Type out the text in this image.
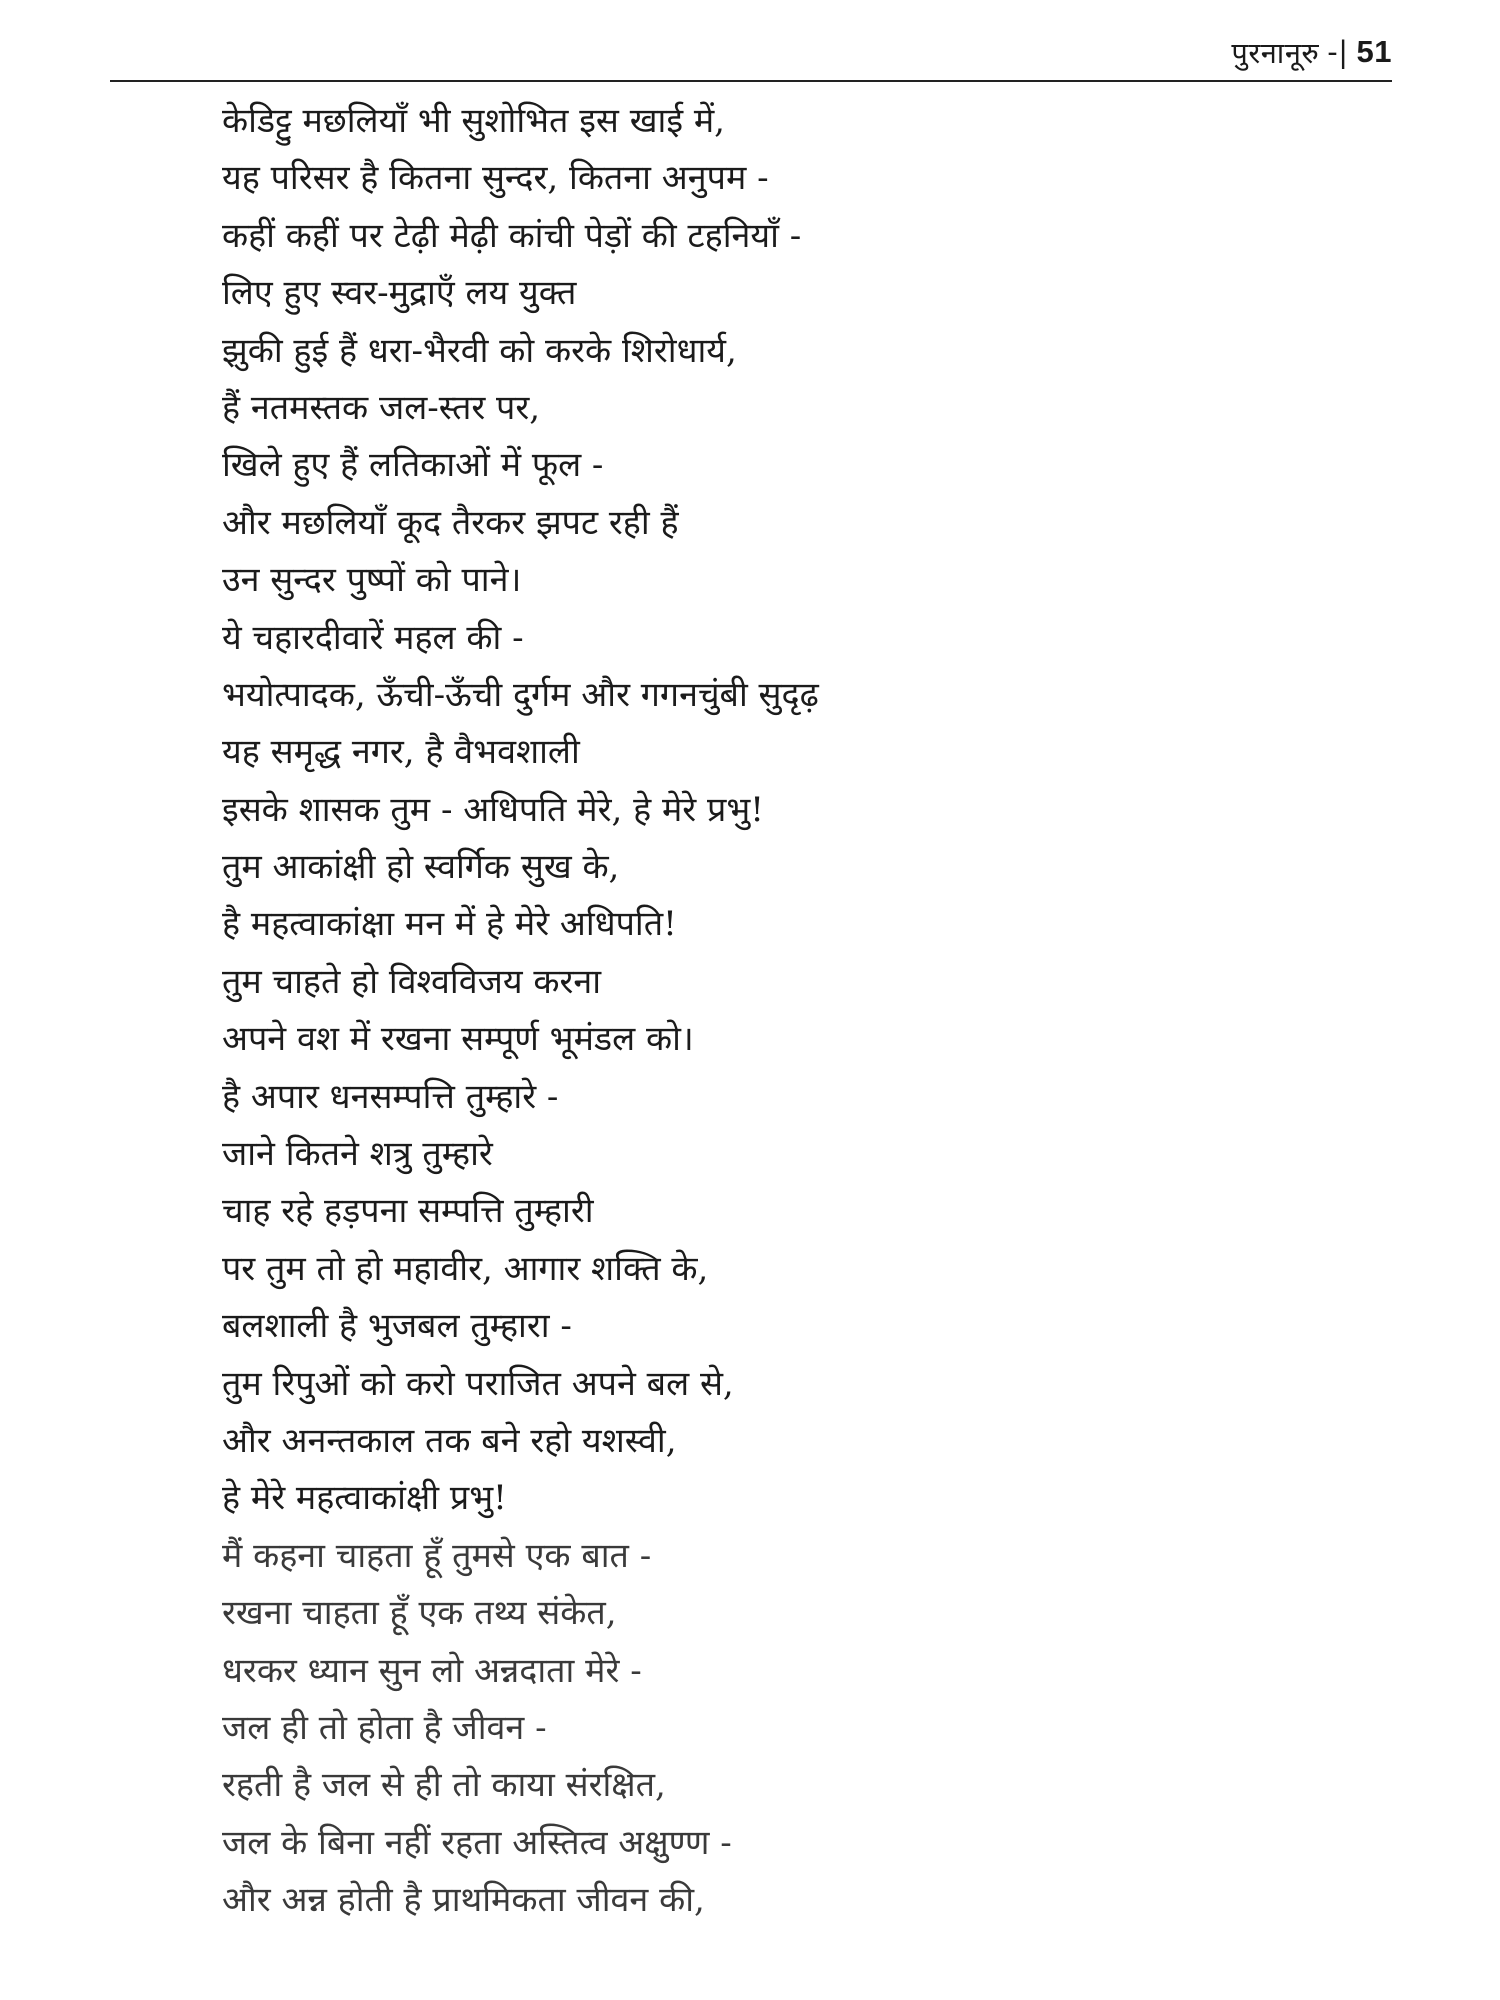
पुरनानूरु -| 51
केडिट्टु मछलियाँ भी सुशोभित इस खाई में,
यह परिसर है कितना सुन्दर, कितना अनुपम -
कहीं कहीं पर टेढ़ी मेढ़ी कांची पेड़ों की टहनियाँ -
लिए हुए स्वर-मुद्राएँ लय युक्त
झुकी हुई हैं धरा-भैरवी को करके शिरोधार्य,
हैं नतमस्तक जल-स्तर पर,
खिले हुए हैं लतिकाओं में फूल -
और मछलियाँ कूद तैरकर झपट रही हैं
उन सुन्दर पुष्पों को पाने।
ये चहारदीवारें महल की -
भयोत्पादक, ऊँची-ऊँची दुर्गम और गगनचुंबी सुदृढ़
यह समृद्ध नगर, है वैभवशाली
इसके शासक तुम - अधिपति मेरे, हे मेरे प्रभु!
तुम आकांक्षी हो स्वर्गिक सुख के,
है महत्वाकांक्षा मन में हे मेरे अधिपति!
तुम चाहते हो विश्वविजय करना
अपने वश में रखना सम्पूर्ण भूमंडल को।
है अपार धनसम्पत्ति तुम्हारे -
जाने कितने शत्रु तुम्हारे
चाह रहे हड़पना सम्पत्ति तुम्हारी
पर तुम तो हो महावीर, आगार शक्ति के,
बलशाली है भुजबल तुम्हारा -
तुम रिपुओं को करो पराजित अपने बल से,
और अनन्तकाल तक बने रहो यशस्वी,
हे मेरे महत्वाकांक्षी प्रभु!
मैं कहना चाहता हूँ तुमसे एक बात -
रखना चाहता हूँ एक तथ्य संकेत,
धरकर ध्यान सुन लो अन्नदाता मेरे -
जल ही तो होता है जीवन -
रहती है जल से ही तो काया संरक्षित,
जल के बिना नहीं रहता अस्तित्व अक्षुण्ण -
और अन्न होती है प्राथमिकता जीवन की,
